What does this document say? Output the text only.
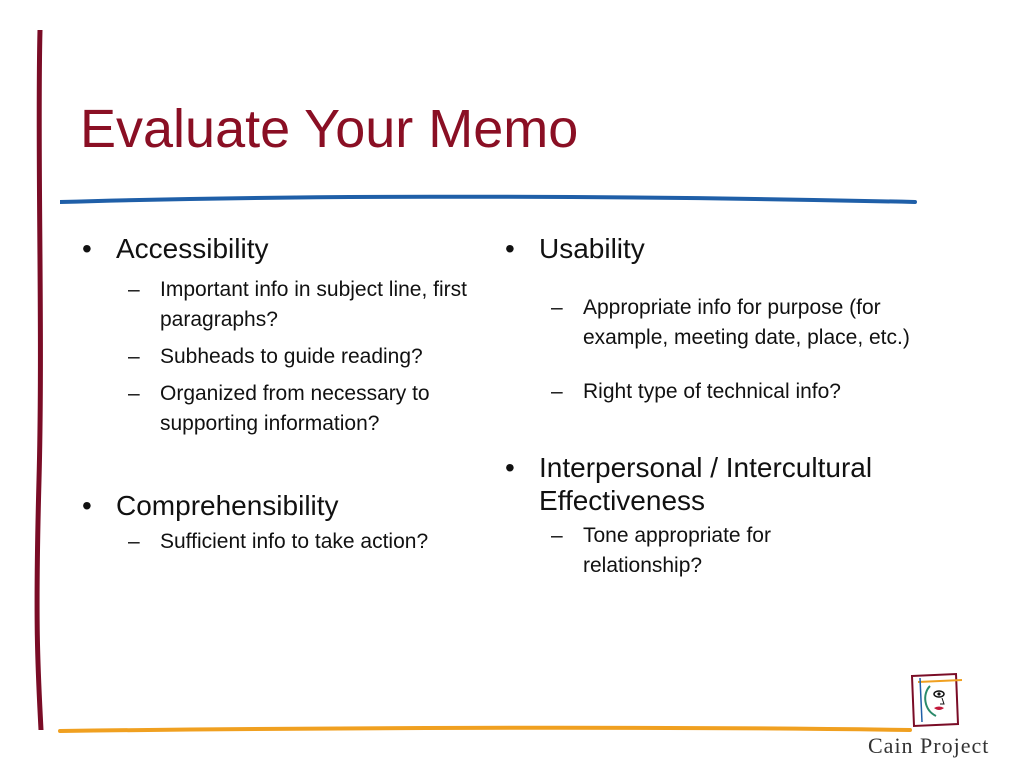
Evaluate Your Memo
• Accessibility
– Important info in subject line, first paragraphs?
– Subheads to guide reading?
– Organized from necessary to supporting information?
• Comprehensibility
– Sufficient info to take action?
• Usability
– Appropriate info for purpose (for example, meeting date, place, etc.)
– Right type of technical info?
• Interpersonal / Intercultural Effectiveness
– Tone appropriate for relationship?
Cain Project
